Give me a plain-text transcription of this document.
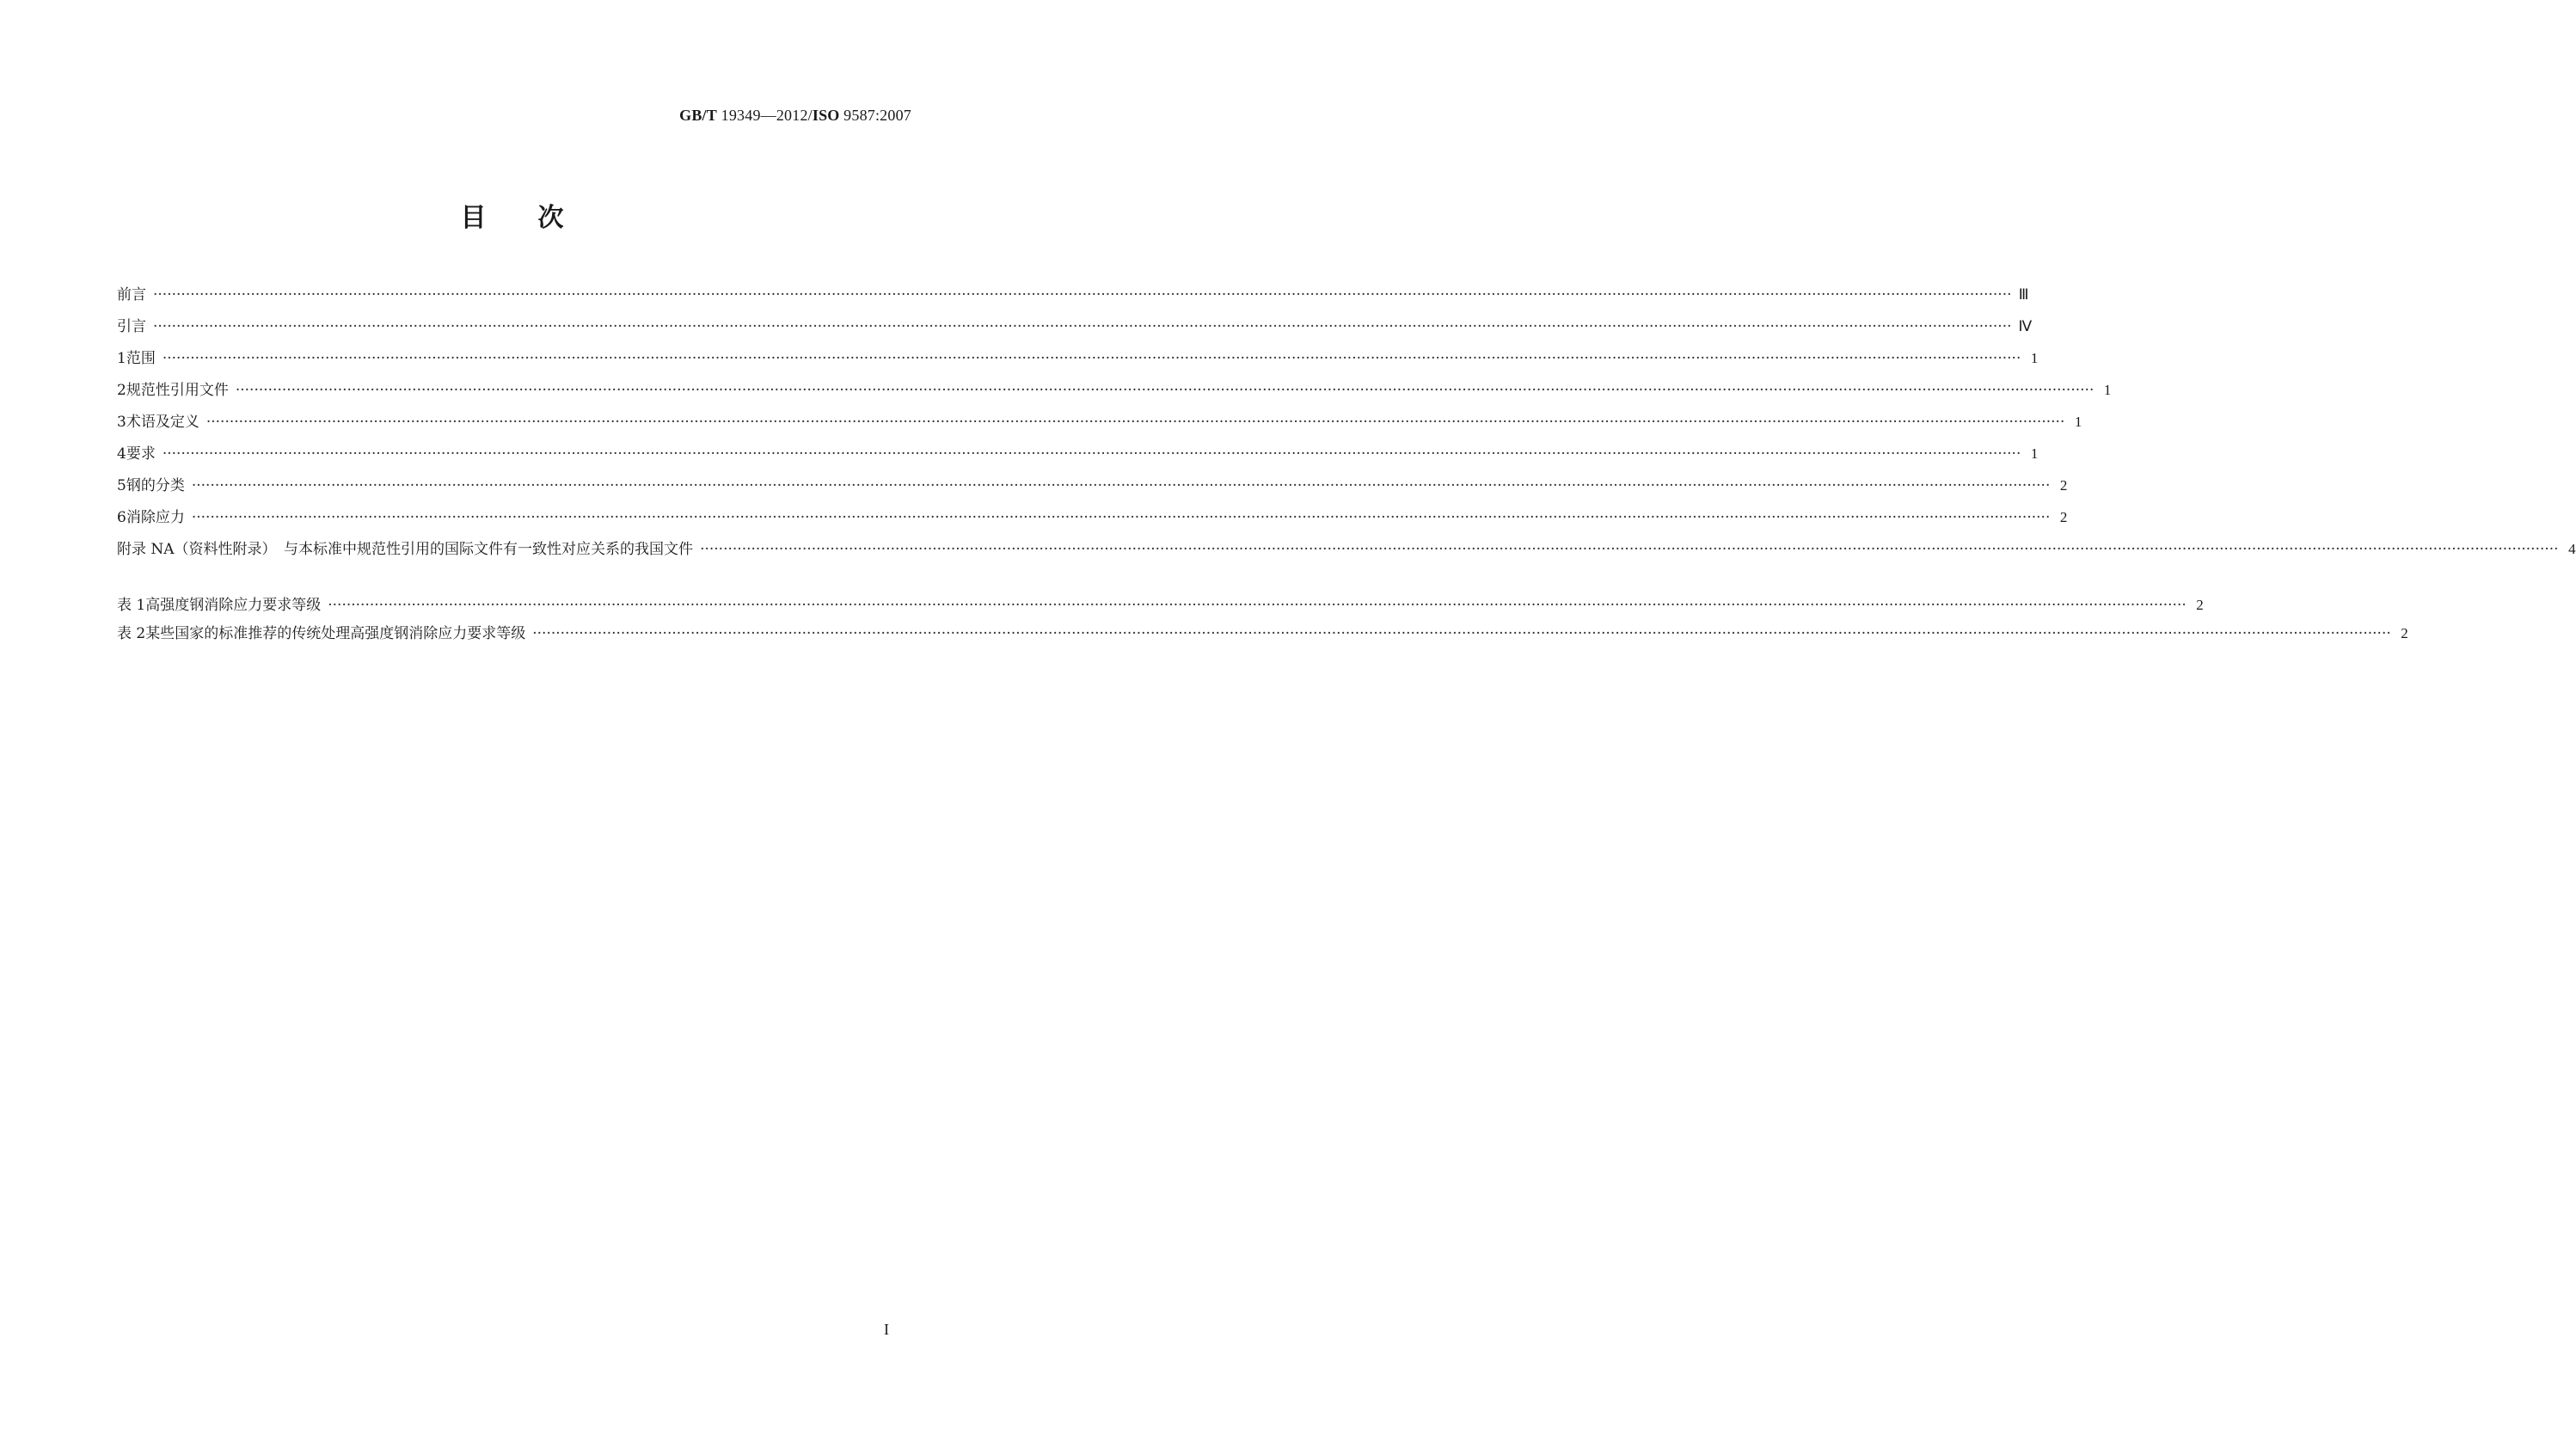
GB/T 19349—2012/ISO 9587:2007
目次
前言 ················································································································································································································································································································································································································ Ⅲ
引言 ················································································································································································································································································································································································································ Ⅳ
1 范围 ················································································································································································································································································································································································································ 1
2 规范性引用文件 ················································································································································································································································································································································································································ 1
3 术语及定义 ················································································································································································································································································································································································································ 1
4 要求 ················································································································································································································································································································································································································ 1
5 钢的分类 ················································································································································································································································································································································································································ 2
6 消除应力 ················································································································································································································································································································································································································ 2
附录 NA（资料性附录）　与本标准中规范性引用的国际文件有一致性对应关系的我国文件 ················································································································································································································································································································································································································ 4
表 1 高强度钢消除应力要求等级 ················································································································································································································································································································································································································ 2
表 2 某些国家的标准推荐的传统处理高强度钢消除应力要求等级 ················································································································································································································································································································································································································ 2
I
